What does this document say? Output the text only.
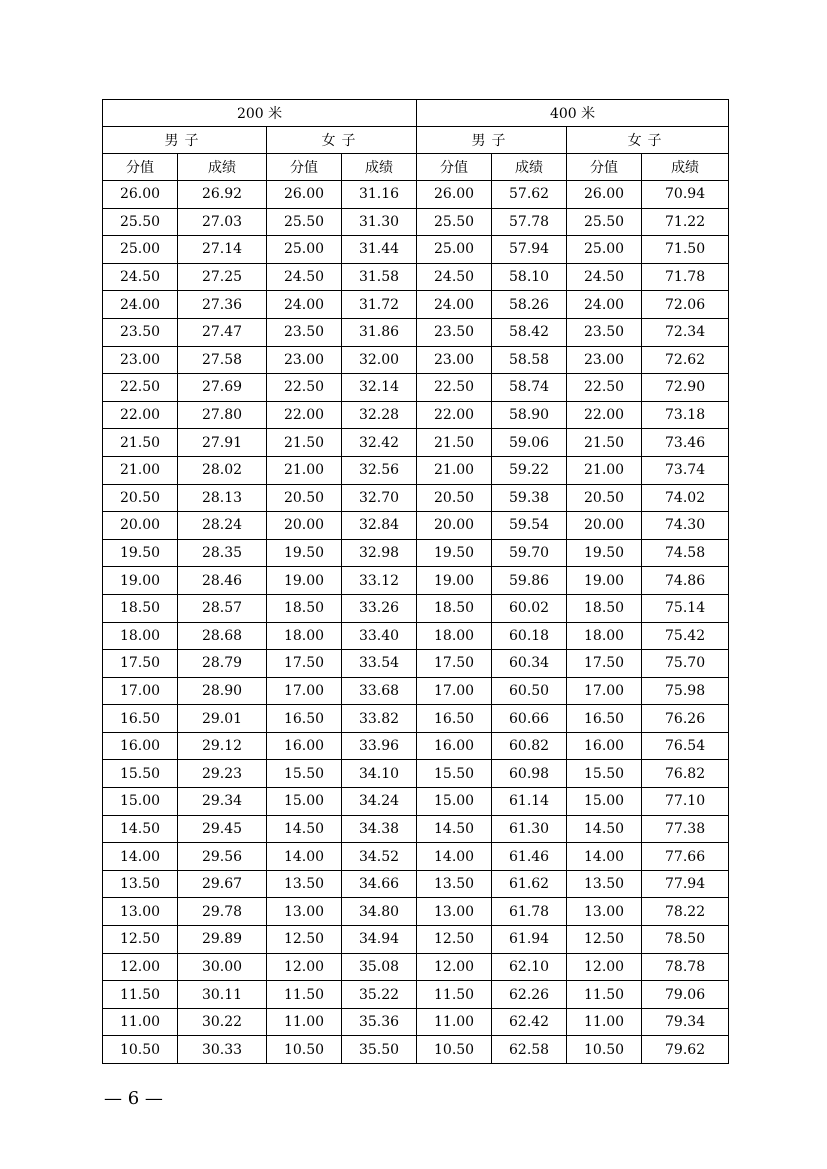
200 米				400 米			
男子		女子		男子		女子	
分值	成绩	分值	成绩	分值	成绩	分值	成绩
26.00	26.92	26.00	31.16	26.00	57.62	26.00	70.94
25.50	27.03	25.50	31.30	25.50	57.78	25.50	71.22
25.00	27.14	25.00	31.44	25.00	57.94	25.00	71.50
24.50	27.25	24.50	31.58	24.50	58.10	24.50	71.78
24.00	27.36	24.00	31.72	24.00	58.26	24.00	72.06
23.50	27.47	23.50	31.86	23.50	58.42	23.50	72.34
23.00	27.58	23.00	32.00	23.00	58.58	23.00	72.62
22.50	27.69	22.50	32.14	22.50	58.74	22.50	72.90
22.00	27.80	22.00	32.28	22.00	58.90	22.00	73.18
21.50	27.91	21.50	32.42	21.50	59.06	21.50	73.46
21.00	28.02	21.00	32.56	21.00	59.22	21.00	73.74
20.50	28.13	20.50	32.70	20.50	59.38	20.50	74.02
20.00	28.24	20.00	32.84	20.00	59.54	20.00	74.30
19.50	28.35	19.50	32.98	19.50	59.70	19.50	74.58
19.00	28.46	19.00	33.12	19.00	59.86	19.00	74.86
18.50	28.57	18.50	33.26	18.50	60.02	18.50	75.14
18.00	28.68	18.00	33.40	18.00	60.18	18.00	75.42
17.50	28.79	17.50	33.54	17.50	60.34	17.50	75.70
17.00	28.90	17.00	33.68	17.00	60.50	17.00	75.98
16.50	29.01	16.50	33.82	16.50	60.66	16.50	76.26
16.00	29.12	16.00	33.96	16.00	60.82	16.00	76.54
15.50	29.23	15.50	34.10	15.50	60.98	15.50	76.82
15.00	29.34	15.00	34.24	15.00	61.14	15.00	77.10
14.50	29.45	14.50	34.38	14.50	61.30	14.50	77.38
14.00	29.56	14.00	34.52	14.00	61.46	14.00	77.66
13.50	29.67	13.50	34.66	13.50	61.62	13.50	77.94
13.00	29.78	13.00	34.80	13.00	61.78	13.00	78.22
12.50	29.89	12.50	34.94	12.50	61.94	12.50	78.50
12.00	30.00	12.00	35.08	12.00	62.10	12.00	78.78
11.50	30.11	11.50	35.22	11.50	62.26	11.50	79.06
11.00	30.22	11.00	35.36	11.00	62.42	11.00	79.34
10.50	30.33	10.50	35.50	10.50	62.58	10.50	79.62
— 6 —
